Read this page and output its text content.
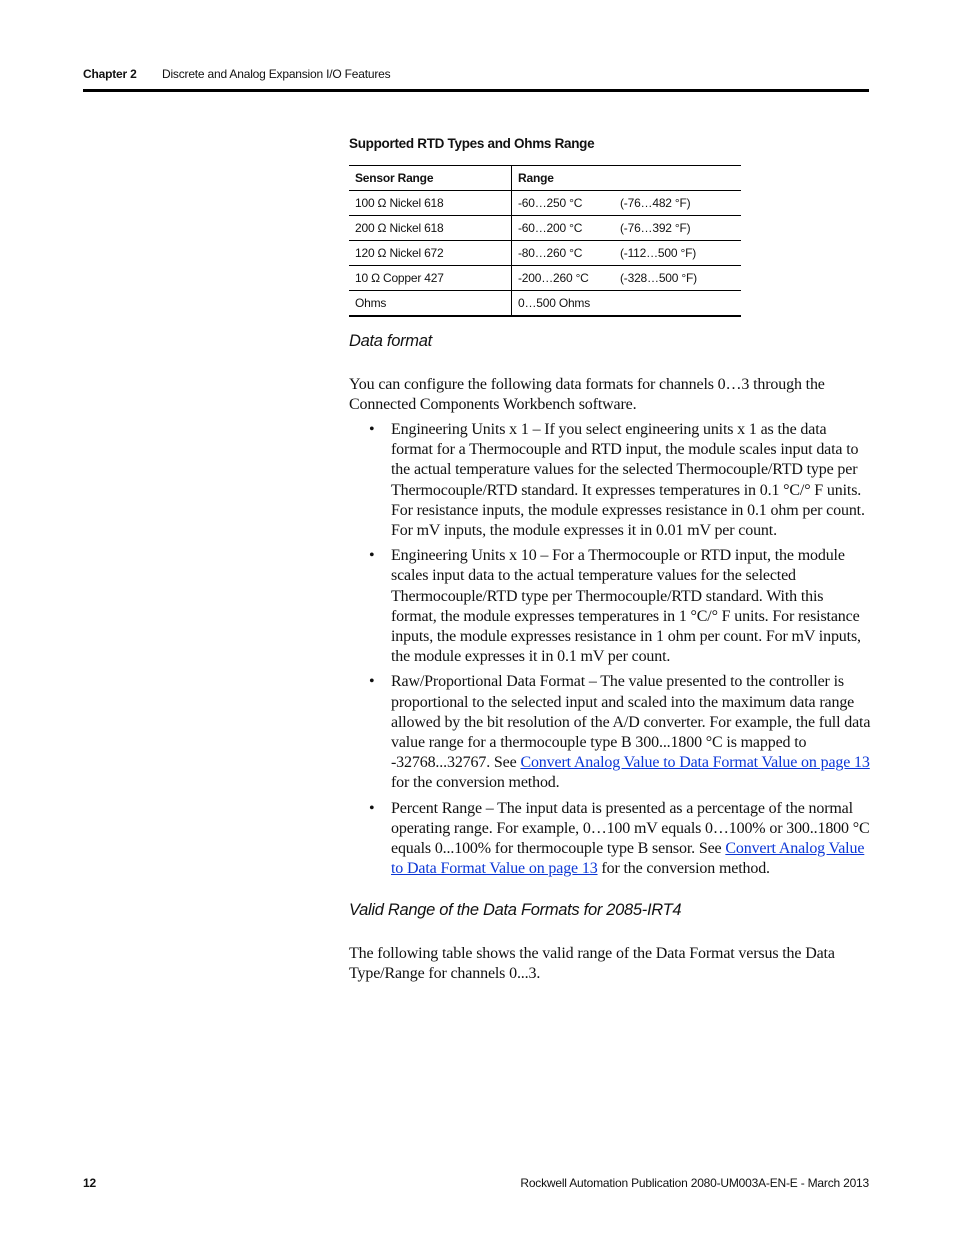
Chapter 2 Discrete and Analog Expansion I/O Features
Supported RTD Types and Ohms Range
Sensor Range	Range	
100 Ω Nickel 618	-60…250 °C	(-76…482 °F)
200 Ω Nickel 618	-60…200 °C	(-76…392 °F)
120 Ω Nickel 672	-80…260 °C	(-112…500 °F)
10 Ω Copper 427	-200…260 °C	(-328…500 °F)
Ohms	0…500 Ohms	
Data format

You can configure the following data formats for channels 0…3 through the Connected Components Workbench software.

• Engineering Units x 1 – If you select engineering units x 1 as the data format for a Thermocouple and RTD input, the module scales input data to the actual temperature values for the selected Thermocouple/RTD type per Thermocouple/RTD standard. It expresses temperatures in 0.1 °C/° F units. For resistance inputs, the module expresses resistance in 0.1 ohm per count. For mV inputs, the module expresses it in 0.01 mV per count.
• Engineering Units x 10 – For a Thermocouple or RTD input, the module scales input data to the actual temperature values for the selected Thermocouple/RTD type per Thermocouple/RTD standard. With this format, the module expresses temperatures in 1 °C/° F units. For resistance inputs, the module expresses resistance in 1 ohm per count. For mV inputs, the module expresses it in 0.1 mV per count.
• Raw/Proportional Data Format – The value presented to the controller is proportional to the selected input and scaled into the maximum data range allowed by the bit resolution of the A/D converter. For example, the full data value range for a thermocouple type B 300...1800 °C is mapped to -32768...32767. See Convert Analog Value to Data Format Value on page 13 for the conversion method.
• Percent Range – The input data is presented as a percentage of the normal operating range. For example, 0…100 mV equals 0…100% or 300..1800 °C equals 0...100% for thermocouple type B sensor. See Convert Analog Value to Data Format Value on page 13 for the conversion method.
Valid Range of the Data Formats for 2085-IRT4

The following table shows the valid range of the Data Format versus the Data Type/Range for channels 0...3.

12	Rockwell Automation Publication 2080-UM003A-EN-E - March 2013
